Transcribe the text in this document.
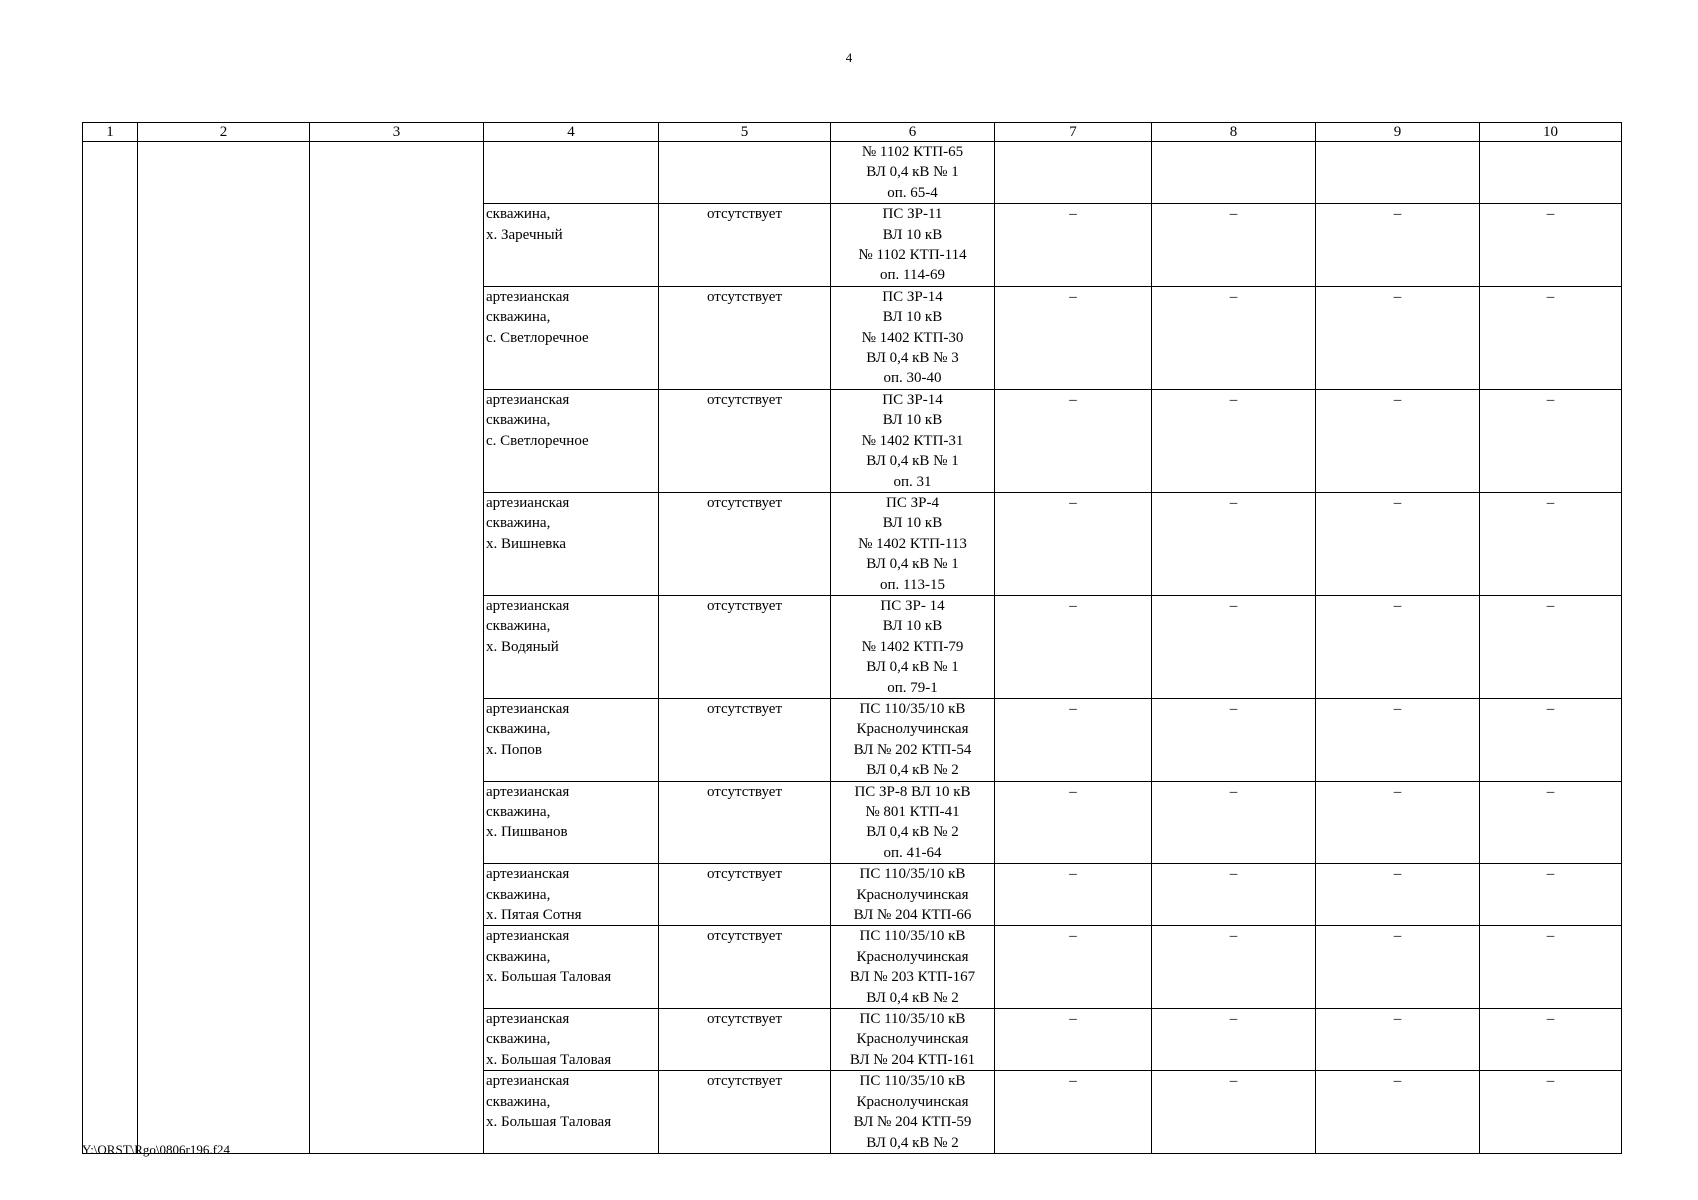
4
1	2	3	4	5	6	7	8	9	10
					№ 1102 КТП-65
ВЛ 0,4 кВ № 1
оп. 65-4				
			скважина,
х. Заречный	отсутствует	ПС ЗР-11
ВЛ 10 кВ
№ 1102 КТП-114
оп. 114-69	–	–	–	–
			артезианская
скважина,
с. Светлоречное	отсутствует	ПС ЗР-14
ВЛ 10 кВ
№ 1402 КТП-30
ВЛ 0,4 кВ № 3
оп. 30-40	–	–	–	–
			артезианская
скважина,
с. Светлоречное	отсутствует	ПС ЗР-14
ВЛ 10 кВ
№ 1402 КТП-31
ВЛ 0,4 кВ № 1
оп. 31	–	–	–	–
			артезианская
скважина,
х. Вишневка	отсутствует	ПС ЗР-4
ВЛ 10 кВ
№ 1402 КТП-113
ВЛ 0,4 кВ № 1
оп. 113-15	–	–	–	–
			артезианская
скважина,
х. Водяный	отсутствует	ПС ЗР- 14
ВЛ 10 кВ
№ 1402 КТП-79
ВЛ 0,4 кВ № 1
оп. 79-1	–	–	–	–
			артезианская
скважина,
х. Попов	отсутствует	ПС 110/35/10 кВ
Краснолучинская
ВЛ № 202 КТП-54
ВЛ 0,4 кВ № 2	–	–	–	–
			артезианская
скважина,
х. Пишванов	отсутствует	ПС ЗР-8 ВЛ 10 кВ
№ 801 КТП-41
ВЛ 0,4 кВ № 2
оп. 41-64	–	–	–	–
			артезианская
скважина,
х. Пятая Сотня	отсутствует	ПС 110/35/10 кВ
Краснолучинская
ВЛ № 204 КТП-66	–	–	–	–
			артезианская
скважина,
х. Большая Таловая	отсутствует	ПС 110/35/10 кВ
Краснолучинская
ВЛ № 203 КТП-167
ВЛ 0,4 кВ № 2	–	–	–	–
			артезианская
скважина,
х. Большая Таловая	отсутствует	ПС 110/35/10 кВ
Краснолучинская
ВЛ № 204 КТП-161	–	–	–	–
			артезианская
скважина,
х. Большая Таловая	отсутствует	ПС 110/35/10 кВ
Краснолучинская
ВЛ № 204 КТП-59
ВЛ 0,4 кВ № 2	–	–	–	–
Y:\ORST\Rgo\0806r196.f24
